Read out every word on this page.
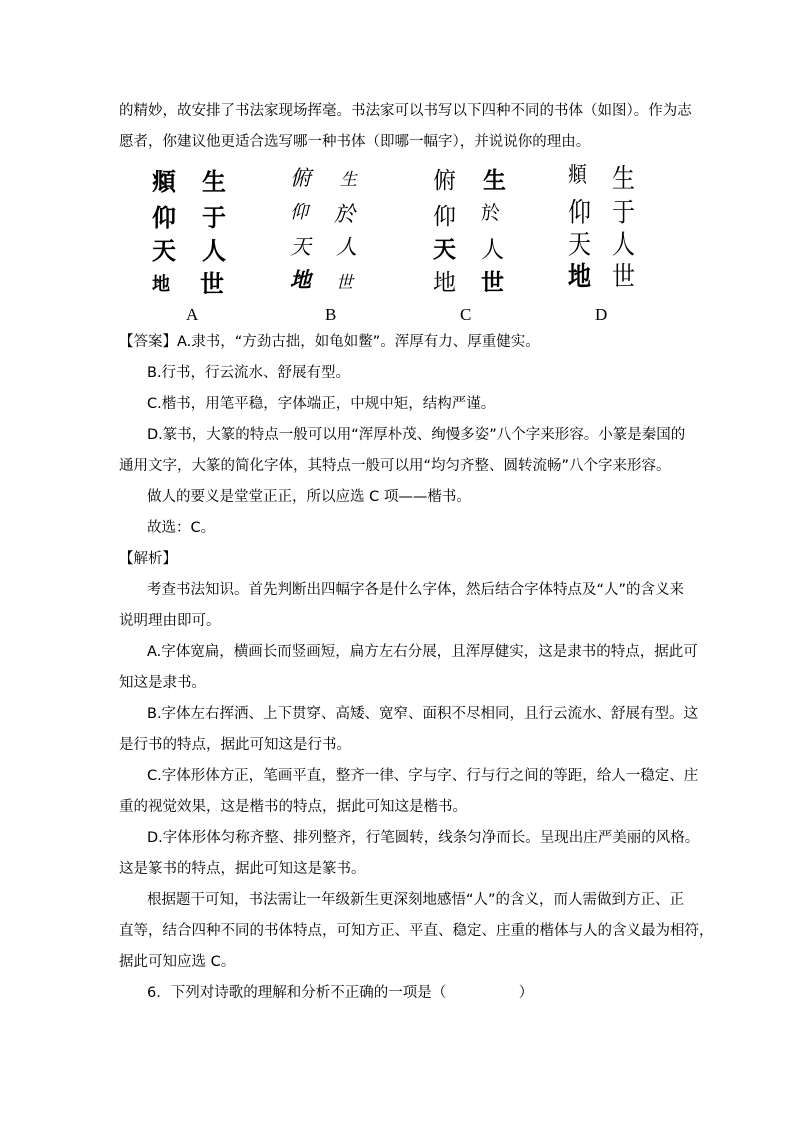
的精妙，故安排了书法家现场挥毫。书法家可以书写以下四种不同的书体（如图）。作为志
愿者，你建议他更适合选写哪一种书体（即哪一幅字），并说说你的理由。
頫 生
仰 于
天 人
地 世
A
俯 生
仰 於
天 人
地 世
B
俯 生
仰 於
天 人
地 世
C
頫 生
仰 于
天 人
地 世
D
【答案】A.隶书，“方劲古拙，如龟如鳖”。浑厚有力、厚重健实。
B.行书，行云流水、舒展有型。
C.楷书，用笔平稳，字体端正，中规中矩，结构严谨。
D.篆书，大篆的特点一般可以用“浑厚朴茂、绚慢多姿”八个字来形容。小篆是秦国的
通用文字，大篆的简化字体，其特点一般可以用“均匀齐整、圆转流畅”八个字来形容。
做人的要义是堂堂正正，所以应选 C 项——楷书。
故选：C。
【解析】
考查书法知识。首先判断出四幅字各是什么字体，然后结合字体特点及“人”的含义来
说明理由即可。
A.字体宽扁，横画长而竖画短，扁方左右分展，且浑厚健实，这是隶书的特点，据此可
知这是隶书。
B.字体左右挥洒、上下贯穿、高矮、宽窄、面积不尽相同，且行云流水、舒展有型。这
是行书的特点，据此可知这是行书。
C.字体形体方正，笔画平直，整齐一律、字与字、行与行之间的等距，给人一稳定、庄
重的视觉效果，这是楷书的特点，据此可知这是楷书。
D.字体形体匀称齐整、排列整齐，行笔圆转，线条匀净而长。呈现出庄严美丽的风格。
这是篆书的特点，据此可知这是篆书。
根据题干可知，书法需让一年级新生更深刻地感悟“人”的含义，而人需做到方正、正
直等，结合四种不同的书体特点，可知方正、平直、稳定、庄重的楷体与人的含义最为相符，
据此可知应选 C。
6．下列对诗歌的理解和分析不正确的一项是（　　　　　）
